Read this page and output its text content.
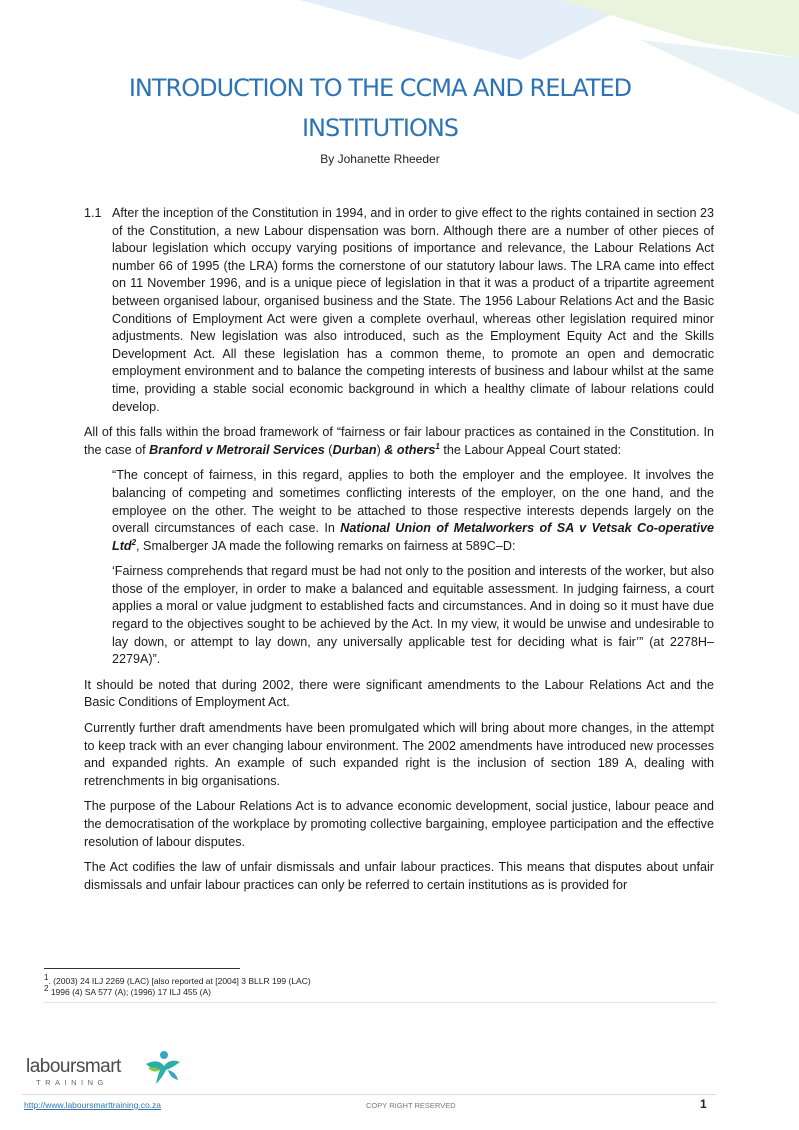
INTRODUCTION TO THE CCMA AND RELATED INSTITUTIONS
By Johanette Rheeder

1.1 After the inception of the Constitution in 1994, and in order to give effect to the rights contained in section 23 of the Constitution, a new Labour dispensation was born. Although there are a number of other pieces of labour legislation which occupy varying positions of importance and relevance, the Labour Relations Act number 66 of 1995 (the LRA) forms the cornerstone of our statutory labour laws. The LRA came into effect on 11 November 1996, and is a unique piece of legislation in that it was a product of a tripartite agreement between organised labour, organised business and the State. The 1956 Labour Relations Act and the Basic Conditions of Employment Act were given a complete overhaul, whereas other legislation required minor adjustments. New legislation was also introduced, such as the Employment Equity Act and the Skills Development Act. All these legislation has a common theme, to promote an open and democratic employment environment and to balance the competing interests of business and labour whilst at the same time, providing a stable social economic background in which a healthy climate of labour relations could develop.

All of this falls within the broad framework of “fairness or fair labour practices as contained in the Constitution. In the case of Branford v Metrorail Services (Durban) & others$^1$ the Labour Appeal Court stated:

“The concept of fairness, in this regard, applies to both the employer and the employee. It involves the balancing of competing and sometimes conflicting interests of the employer, on the one hand, and the employee on the other. The weight to be attached to those respective interests depends largely on the overall circumstances of each case. In National Union of Metalworkers of SA v Vetsak Co-operative Ltd$^2$, Smalberger JA made the following remarks on fairness at 589C–D:

‘Fairness comprehends that regard must be had not only to the position and interests of the worker, but also those of the employer, in order to make a balanced and equitable assessment. In judging fairness, a court applies a moral or value judgment to established facts and circumstances. And in doing so it must have due regard to the objectives sought to be achieved by the Act. In my view, it would be unwise and undesirable to lay down, or attempt to lay down, any universally applicable test for deciding what is fair’” (at 2278H–2279A)”.

It should be noted that during 2002, there were significant amendments to the Labour Relations Act and the Basic Conditions of Employment Act.

Currently further draft amendments have been promulgated which will bring about more changes, in the attempt to keep track with an ever changing labour environment. The 2002 amendments have introduced new processes and expanded rights. An example of such expanded right is the inclusion of section 189 A, dealing with retrenchments in big organisations.

The purpose of the Labour Relations Act is to advance economic development, social justice, labour peace and the democratisation of the workplace by promoting collective bargaining, employee participation and the effective resolution of labour disputes.

The Act codifies the law of unfair dismissals and unfair labour practices. This means that disputes about unfair dismissals and unfair labour practices can only be referred to certain institutions as is provided for

$^1$. (2003) 24 ILJ 2269 (LAC) [also reported at [2004] 3 BLLR 199 (LAC)
$^2$ 1996 (4) SA 577 (A); (1996) 17 ILJ 455 (A)
laboursmart
TRAINING
http://www.laboursmarttraining.co.za	COPY RIGHT RESERVED	1
